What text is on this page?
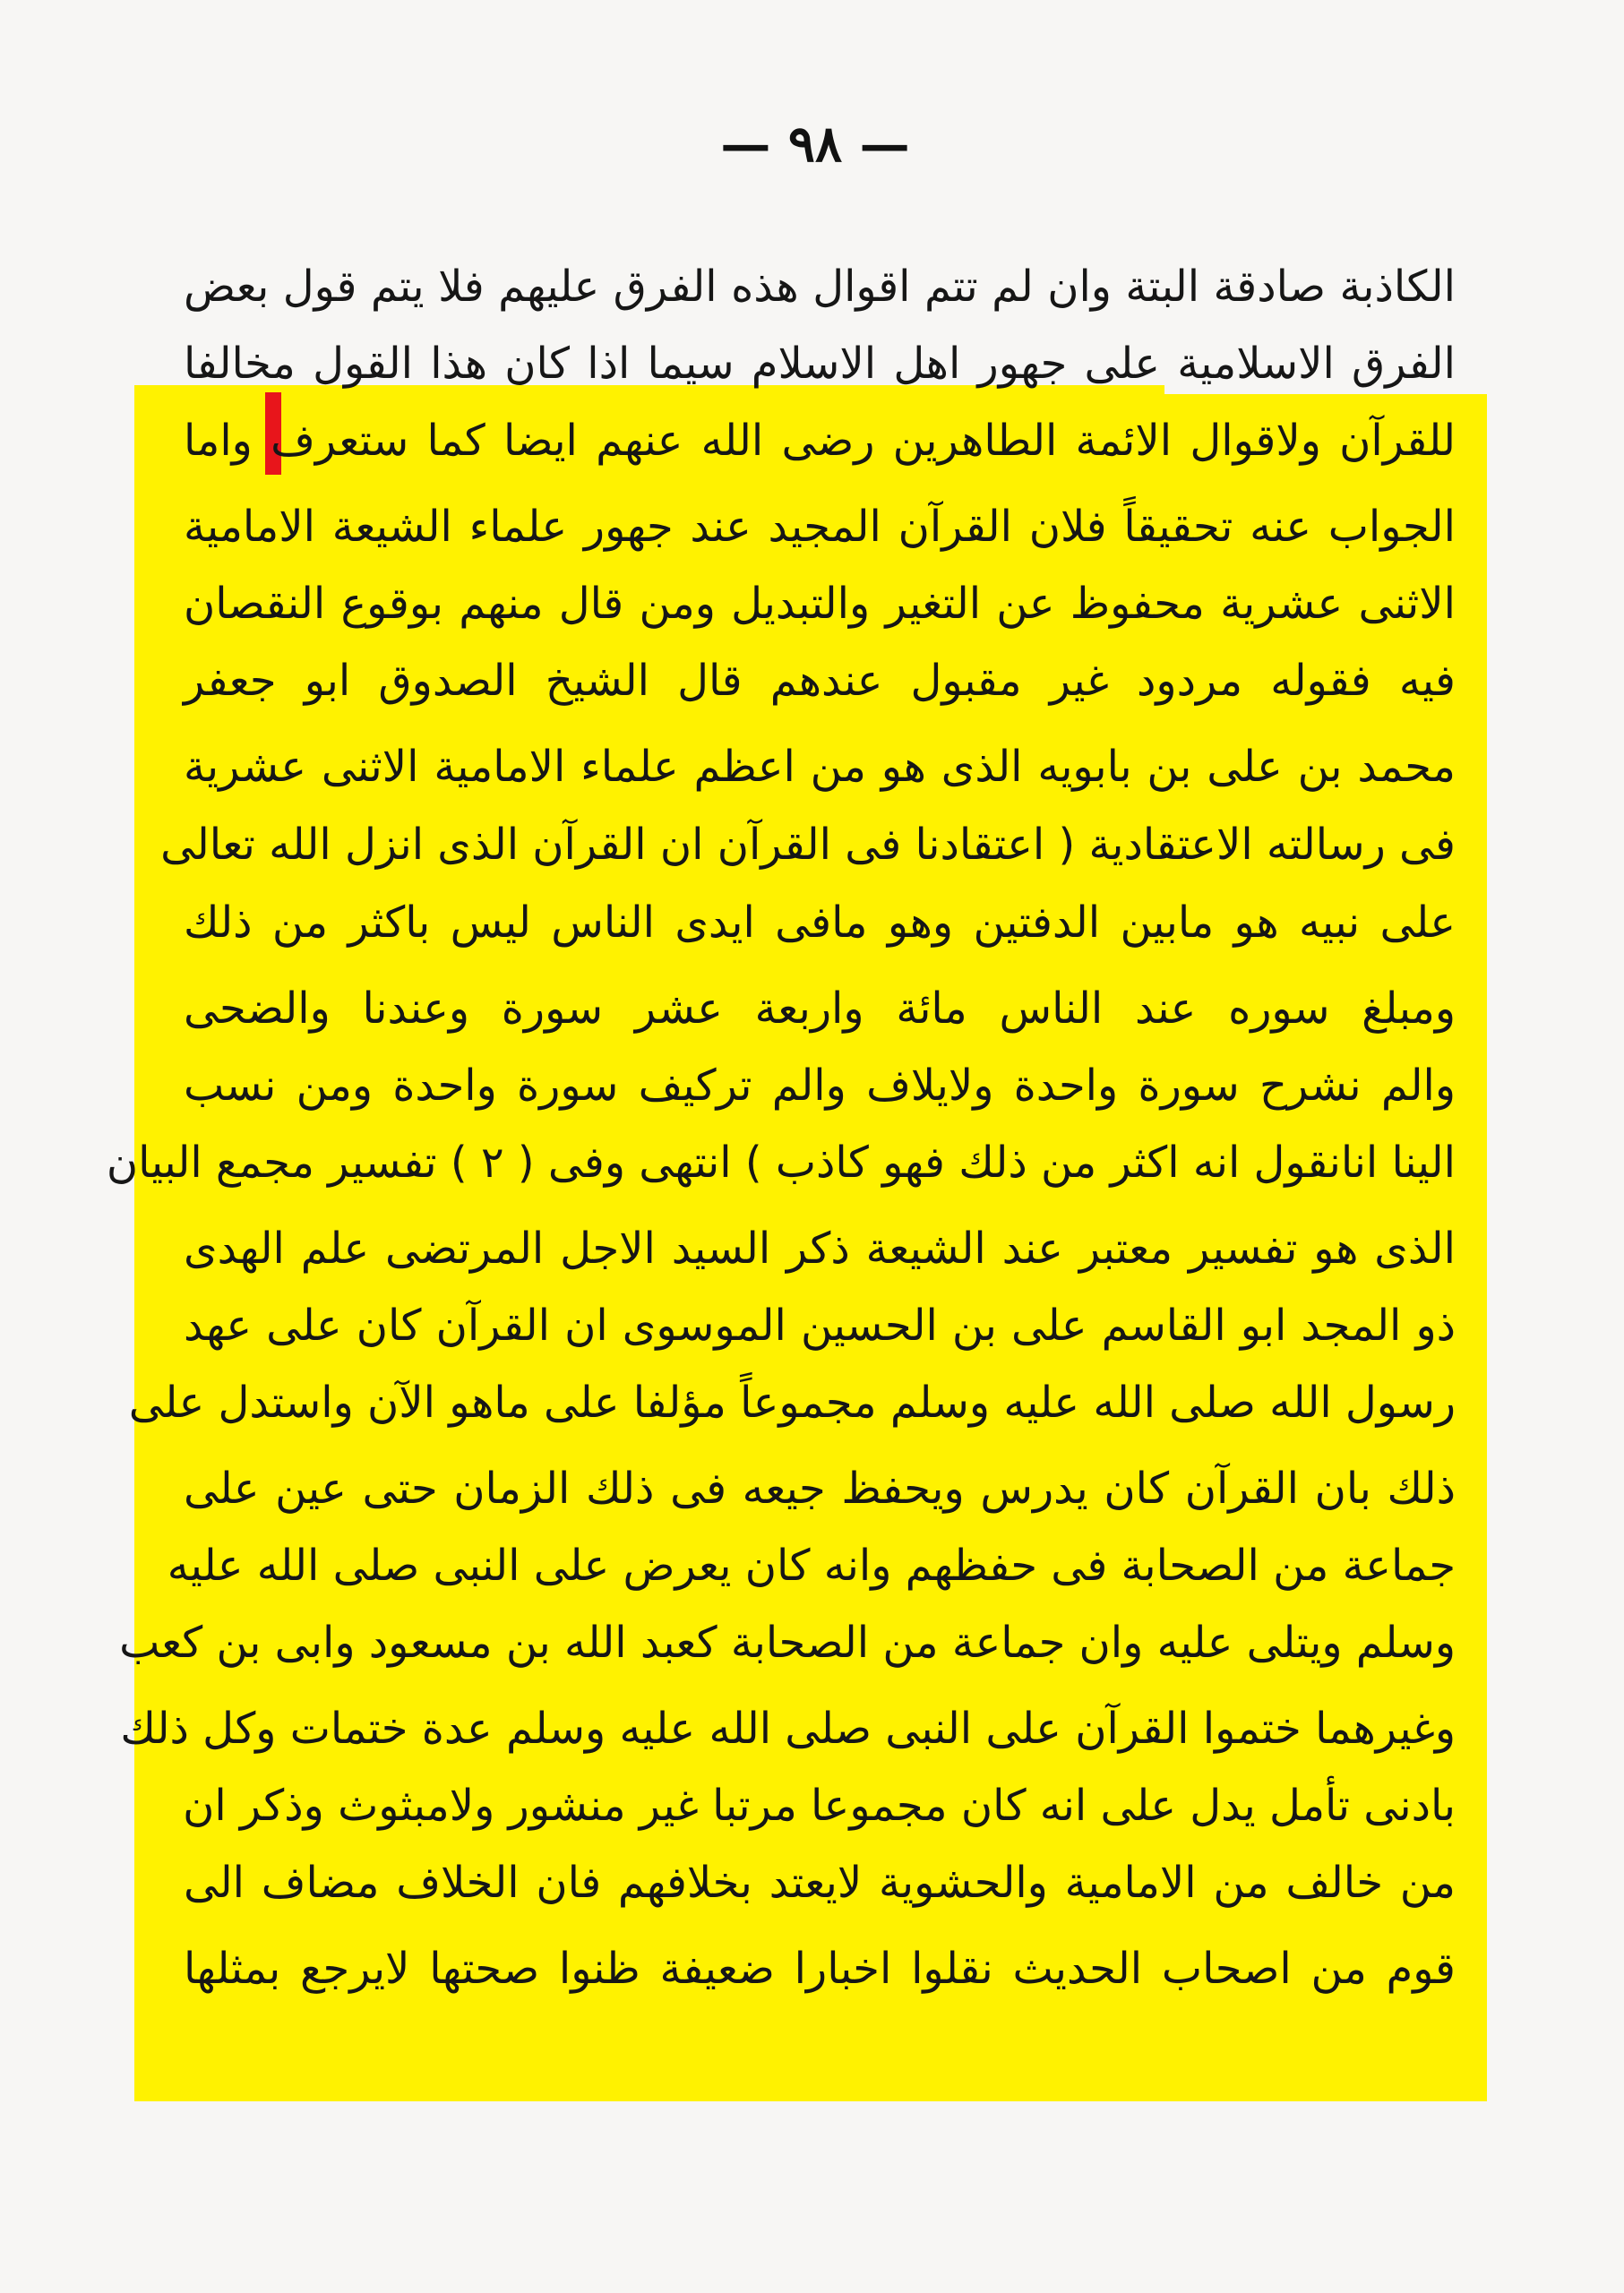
— ٩٨ —
الكاذبة صادقة البتة وان لم تتم اقوال هذه الفرق عليهم فلا يتم قول بعض
الفرق الاسلامية على جهور اهل الاسلام سيما اذا كان هذا القول مخالفا
للقرآن ولاقوال الائمة الطاهرين رضى الله عنهم ايضا كما ستعرف واما
الجواب عنه تحقيقاً فلان القرآن المجيد عند جهور علماء الشيعة الامامية
الاثنى عشرية محفوظ عن التغير والتبديل ومن قال منهم بوقوع النقصان
فيه فقوله مردود غير مقبول عندهم قال الشيخ الصدوق ابو جعفر
محمد بن على بن بابويه الذى هو من اعظم علماء الامامية الاثنى عشرية
فى رسالته الاعتقادية ( اعتقادنا فى القرآن ان القرآن الذى انزل الله تعالى
على نبيه هو مابين الدفتين وهو مافى ايدى الناس ليس باكثر من ذلك
ومبلغ سوره عند الناس مائة واربعة عشر سورة وعندنا والضحى
والم نشرح سورة واحدة ولايلاف والم تركيف سورة واحدة ومن نسب
الينا انانقول انه اكثر من ذلك فهو كاذب ) انتهى وفى ( ٢ ) تفسير مجمع البيان
الذى هو تفسير معتبر عند الشيعة ذكر السيد الاجل المرتضى علم الهدى
ذو المجد ابو القاسم على بن الحسين الموسوى ان القرآن كان على عهد
رسول الله صلى الله عليه وسلم مجموعاً مؤلفا على ماهو الآن واستدل على
ذلك بان القرآن كان يدرس ويحفظ جيعه فى ذلك الزمان حتى عين على
جماعة من الصحابة فى حفظهم وانه كان يعرض على النبى صلى الله عليه
وسلم ويتلى عليه وان جماعة من الصحابة كعبد الله بن مسعود وابى بن كعب
وغيرهما ختموا القرآن على النبى صلى الله عليه وسلم عدة ختمات وكل ذلك
بادنى تأمل يدل على انه كان مجموعا مرتبا غير منشور ولامبثوث وذكر ان
من خالف من الامامية والحشوية لايعتد بخلافهم فان الخلاف مضاف الى
قوم من اصحاب الحديث نقلوا اخبارا ضعيفة ظنوا صحتها لايرجع بمثلها
